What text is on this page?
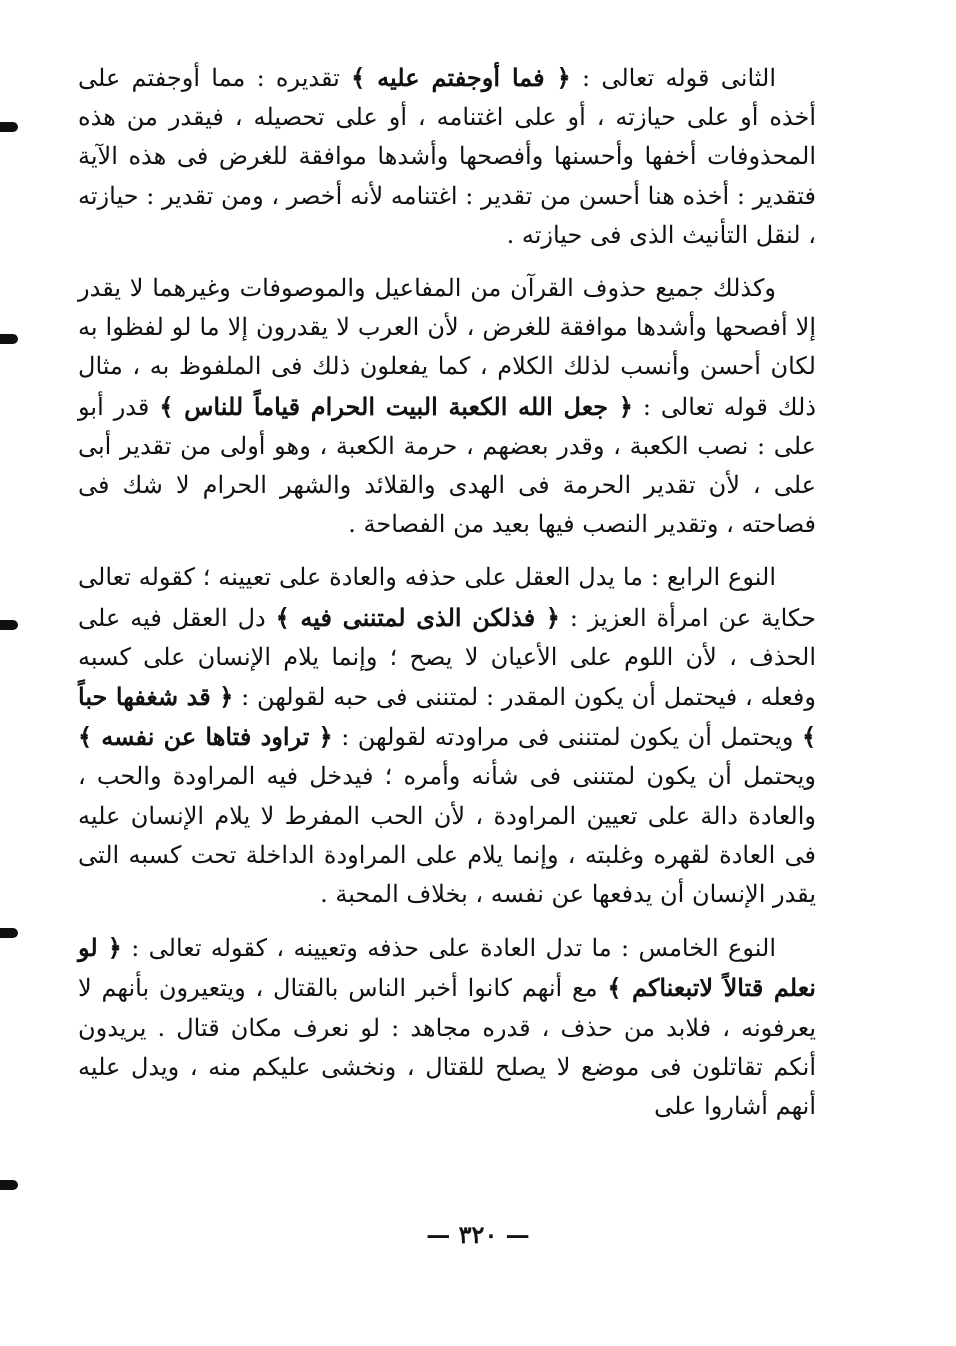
الثانى قوله تعالى : ﴿ فما أوجفتم عليه ﴾ تقديره : مما أوجفتم على أخذه أو على حيازته ، أو على اغتنامه ، أو على تحصيله ، فيقدر من هذه المحذوفات أخفها وأحسنها وأفصحها وأشدها موافقة للغرض فى هذه الآية فتقدير : أخذه هنا أحسن من تقدير : اغتنامه لأنه أخصر ، ومن تقدير : حيازته ، لنقل التأنيث الذى فى حيازته .

وكذلك جميع حذوف القرآن من المفاعيل والموصوفات وغيرهما لا يقدر إلا أفصحها وأشدها موافقة للغرض ، لأن العرب لا يقدرون إلا ما لو لفظوا به لكان أحسن وأنسب لذلك الكلام ، كما يفعلون ذلك فى الملفوظ به ، مثال ذلك قوله تعالى : ﴿ جعل الله الكعبة البيت الحرام قياماً للناس ﴾ قدر أبو على : نصب الكعبة ، وقدر بعضهم ، حرمة الكعبة ، وهو أولى من تقدير أبى على ، لأن تقدير الحرمة فى الهدى والقلائد والشهر الحرام لا شك فى فصاحته ، وتقدير النصب فيها بعيد من الفصاحة .

النوع الرابع : ما يدل العقل على حذفه والعادة على تعيينه ؛ كقوله تعالى حكاية عن امرأة العزيز : ﴿ فذلكن الذى لمتننى فيه ﴾ دل العقل فيه على الحذف ، لأن اللوم على الأعيان لا يصح ؛ وإنما يلام الإنسان على كسبه وفعله ، فيحتمل أن يكون المقدر : لمتننى فى حبه لقولهن : ﴿ قد شغفها حباً ﴾ ويحتمل أن يكون لمتننى فى مراودته لقولهن : ﴿ تراود فتاها عن نفسه ﴾ ويحتمل أن يكون لمتننى فى شأنه وأمره ؛ فيدخل فيه المراودة والحب ، والعادة دالة على تعيين المراودة ، لأن الحب المفرط لا يلام الإنسان عليه فى العادة لقهره وغلبته ، وإنما يلام على المراودة الداخلة تحت كسبه التى يقدر الإنسان أن يدفعها عن نفسه ، بخلاف المحبة .

النوع الخامس : ما تدل العادة على حذفه وتعيينه ، كقوله تعالى : ﴿ لو نعلم قتالاً لاتبعناكم ﴾ مع أنهم كانوا أخبر الناس بالقتال ، ويتعيرون بأنهم لا يعرفونه ، فلابد من حذف ، قدره مجاهد : لو نعرف مكان قتال . يريدون أنكم تقاتلون فى موضع لا يصلح للقتال ، ونخشى عليكم منه ، ويدل عليه أنهم أشاروا على

— ٣٢٠ —
